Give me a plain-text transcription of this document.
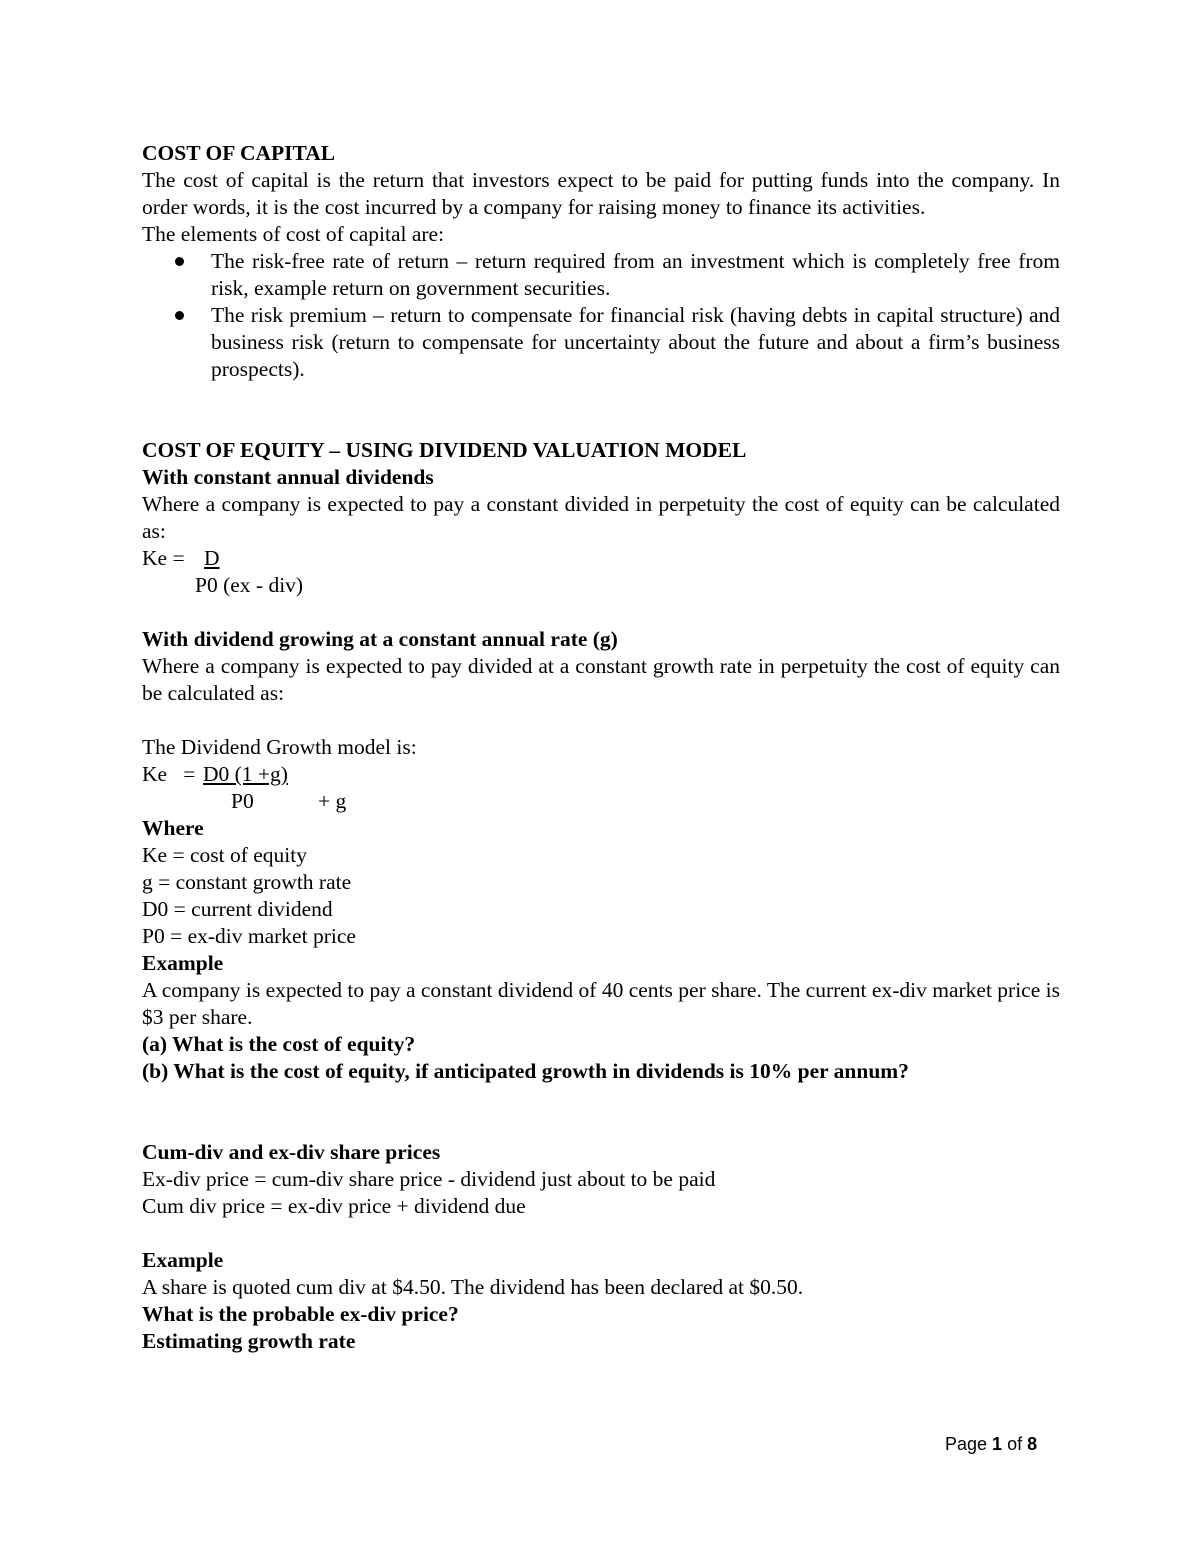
COST OF CAPITAL
The cost of capital is the return that investors expect to be paid for putting funds into the company. In order words, it is the cost incurred by a company for raising money to finance its activities.
The elements of cost of capital are:
The risk-free rate of return – return required from an investment which is completely free from risk, example return on government securities.
The risk premium – return to compensate for financial risk (having debts in capital structure) and business risk (return to compensate for uncertainty about the future and about a firm’s business prospects).
COST OF EQUITY – USING DIVIDEND VALUATION MODEL
With constant annual dividends
Where a company is expected to pay a constant divided in perpetuity the cost of equity can be calculated as:
Ke = D
P0 (ex - div)
With dividend growing at a constant annual rate (g)
Where a company is expected to pay divided at a constant growth rate in perpetuity the cost of equity can be calculated as:
The Dividend Growth model is:
Ke   = D0 (1 +g)
P0	+ g
Where
Ke = cost of equity
g = constant growth rate
D0 = current dividend
P0 = ex-div market price
Example
A company is expected to pay a constant dividend of 40 cents per share. The current ex-div market price is $3 per share.
(a) What is the cost of equity?
(b) What is the cost of equity, if anticipated growth in dividends is 10% per annum?
Cum-div and ex-div share prices
Ex-div price = cum-div share price - dividend just about to be paid
Cum div price = ex-div price + dividend due
Example
A share is quoted cum div at $4.50. The dividend has been declared at $0.50.
What is the probable ex-div price?
Estimating growth rate
Page 1 of 8
